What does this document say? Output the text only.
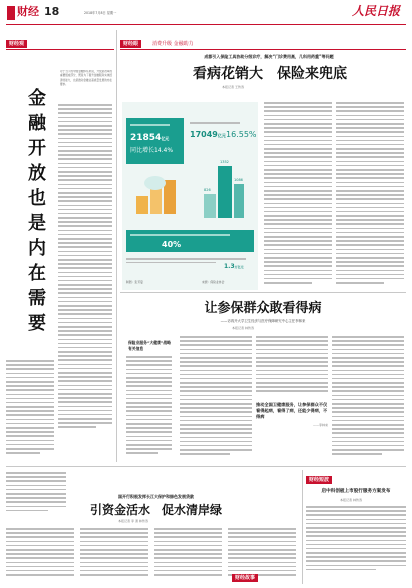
财经 18	2018年7月8日 星期一	人民日报
财经观
对于当下的中国金融体系来说，开放是改革的重要组成部分，既是为了提升金融服务实体经济的能力，也是推动金融业高质量发展的内在要求。
金
融
开
放
也
是
内
在
需
要
财经眼	消费升级 金融助力
成都引入保险工具协助分级诊疗，解决“门诊费用高，几科用药重”等问题
看病花销大　保险来兜底
本报记者 王传涛
21854亿元
同比增长14.4%
17049亿元 16.55%
1352
1086
826
40%
1.3万亿元
制图：张芳曼	来源：保险业协会
让参保群众敢看得病
——访再开大学卫生经济与医疗保障研究中心主任李林来
本报记者 林传涛
保险业服务“大健康”战略有关信息
推动全国卫健康服务，让参保群众不仅看得起病，看得了病，还能少得病，不得病
——李林来
国开行积极发挥长江大保护和绿色发展贷款
引资金活水　促水清岸绿
本报记者 李 清 林传涛
财经故事
财经短波
启中科创板上市股行服务方案发布
本报记者 林传涛
